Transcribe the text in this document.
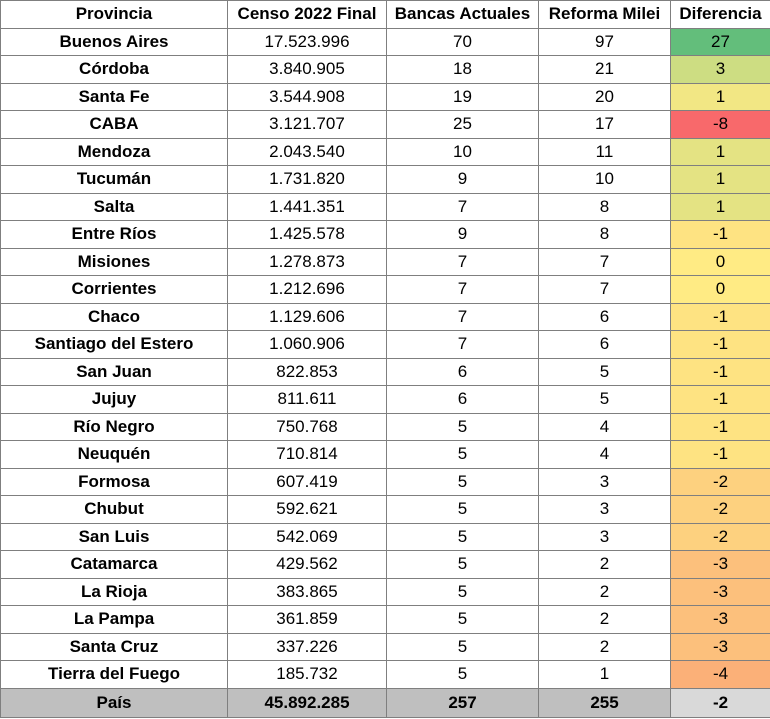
Provincia	Censo 2022 Final	Bancas Actuales	Reforma Milei	Diferencia
Buenos Aires	17.523.996	70	97	27
Córdoba	3.840.905	18	21	3
Santa Fe	3.544.908	19	20	1
CABA	3.121.707	25	17	-8
Mendoza	2.043.540	10	11	1
Tucumán	1.731.820	9	10	1
Salta	1.441.351	7	8	1
Entre Ríos	1.425.578	9	8	-1
Misiones	1.278.873	7	7	0
Corrientes	1.212.696	7	7	0
Chaco	1.129.606	7	6	-1
Santiago del Estero	1.060.906	7	6	-1
San Juan	822.853	6	5	-1
Jujuy	811.611	6	5	-1
Río Negro	750.768	5	4	-1
Neuquén	710.814	5	4	-1
Formosa	607.419	5	3	-2
Chubut	592.621	5	3	-2
San Luis	542.069	5	3	-2
Catamarca	429.562	5	2	-3
La Rioja	383.865	5	2	-3
La Pampa	361.859	5	2	-3
Santa Cruz	337.226	5	2	-3
Tierra del Fuego	185.732	5	1	-4
País	45.892.285	257	255	-2
